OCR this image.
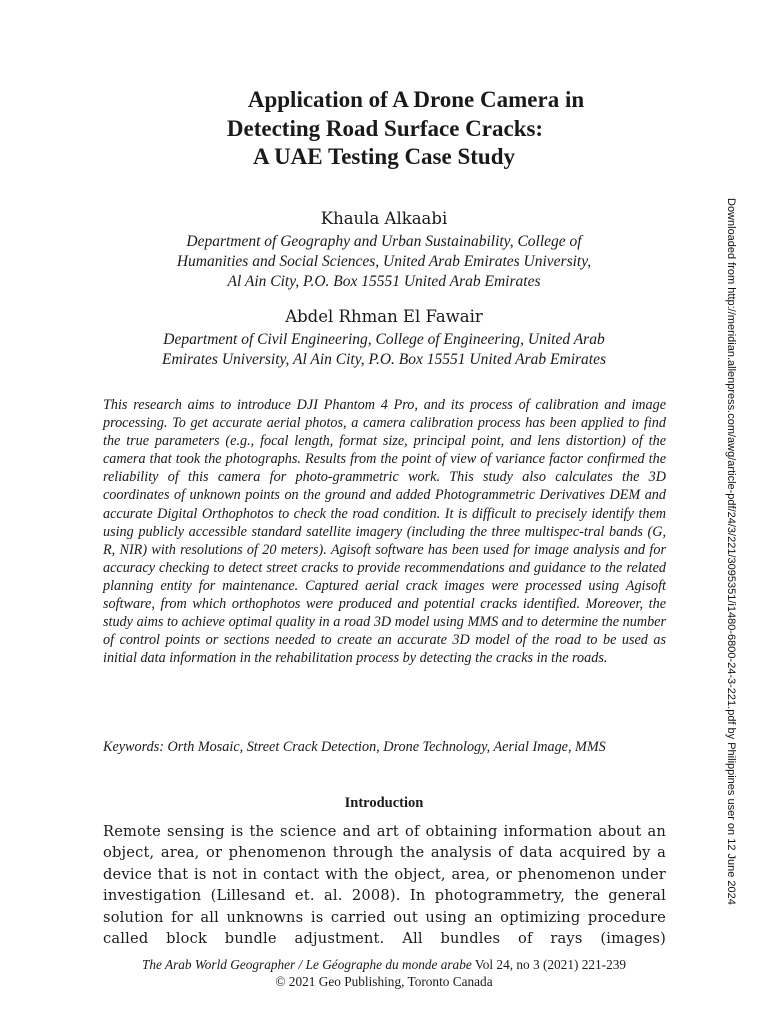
Application of A Drone Camera in
Detecting Road Surface Cracks:
A UAE Testing Case Study
Khaula Alkaabi
Department of Geography and Urban Sustainability, College of
Humanities and Social Sciences, United Arab Emirates University,
Al Ain City, P.O. Box 15551 United Arab Emirates
Abdel Rhman El Fawair
Department of Civil Engineering, College of Engineering, United Arab
Emirates University, Al Ain City, P.O. Box 15551 United Arab Emirates
This research aims to introduce DJI Phantom 4 Pro, and its process of calibration and image processing. To get accurate aerial photos, a camera calibration process has been applied to find the true parameters (e.g., focal length, format size, principal point, and lens distortion) of the camera that took the photographs. Results from the point of view of variance factor confirmed the reliability of this camera for photo-grammetric work. This study also calculates the 3D coordinates of unknown points on the ground and added Photogrammetric Derivatives DEM and accurate Digital Orthophotos to check the road condition. It is difficult to precisely identify them using publicly accessible standard satellite imagery (including the three multispec-tral bands (G, R, NIR) with resolutions of 20 meters). Agisoft software has been used for image analysis and for accuracy checking to detect street cracks to provide recommendations and guidance to the related planning entity for maintenance. Captured aerial crack images were processed using Agisoft software, from which orthophotos were produced and potential cracks identified. Moreover, the study aims to achieve optimal quality in a road 3D model using MMS and to determine the number of control points or sections needed to create an accurate 3D model of the road to be used as initial data information in the rehabilitation process by detecting the cracks in the roads.
Keywords: Orth Mosaic, Street Crack Detection, Drone Technology, Aerial Image, MMS
Introduction
Remote sensing is the science and art of obtaining information about an object, area, or phenomenon through the analysis of data acquired by a device that is not in contact with the object, area, or phenomenon under investigation (Lillesand et. al. 2008). In photogrammetry, the general solution for all unknowns is carried out using an optimizing procedure called block bundle adjustment. All bundles of rays (images)
The Arab World Geographer / Le Géographe du monde arabe Vol 24, no 3 (2021) 221-239
© 2021 Geo Publishing, Toronto Canada
Downloaded from http://meridian.allenpress.com/awg/article-pdf/24/3/221/3095351/i1480-6800-24-3-221.pdf by Philippines user on 12 June 2024
